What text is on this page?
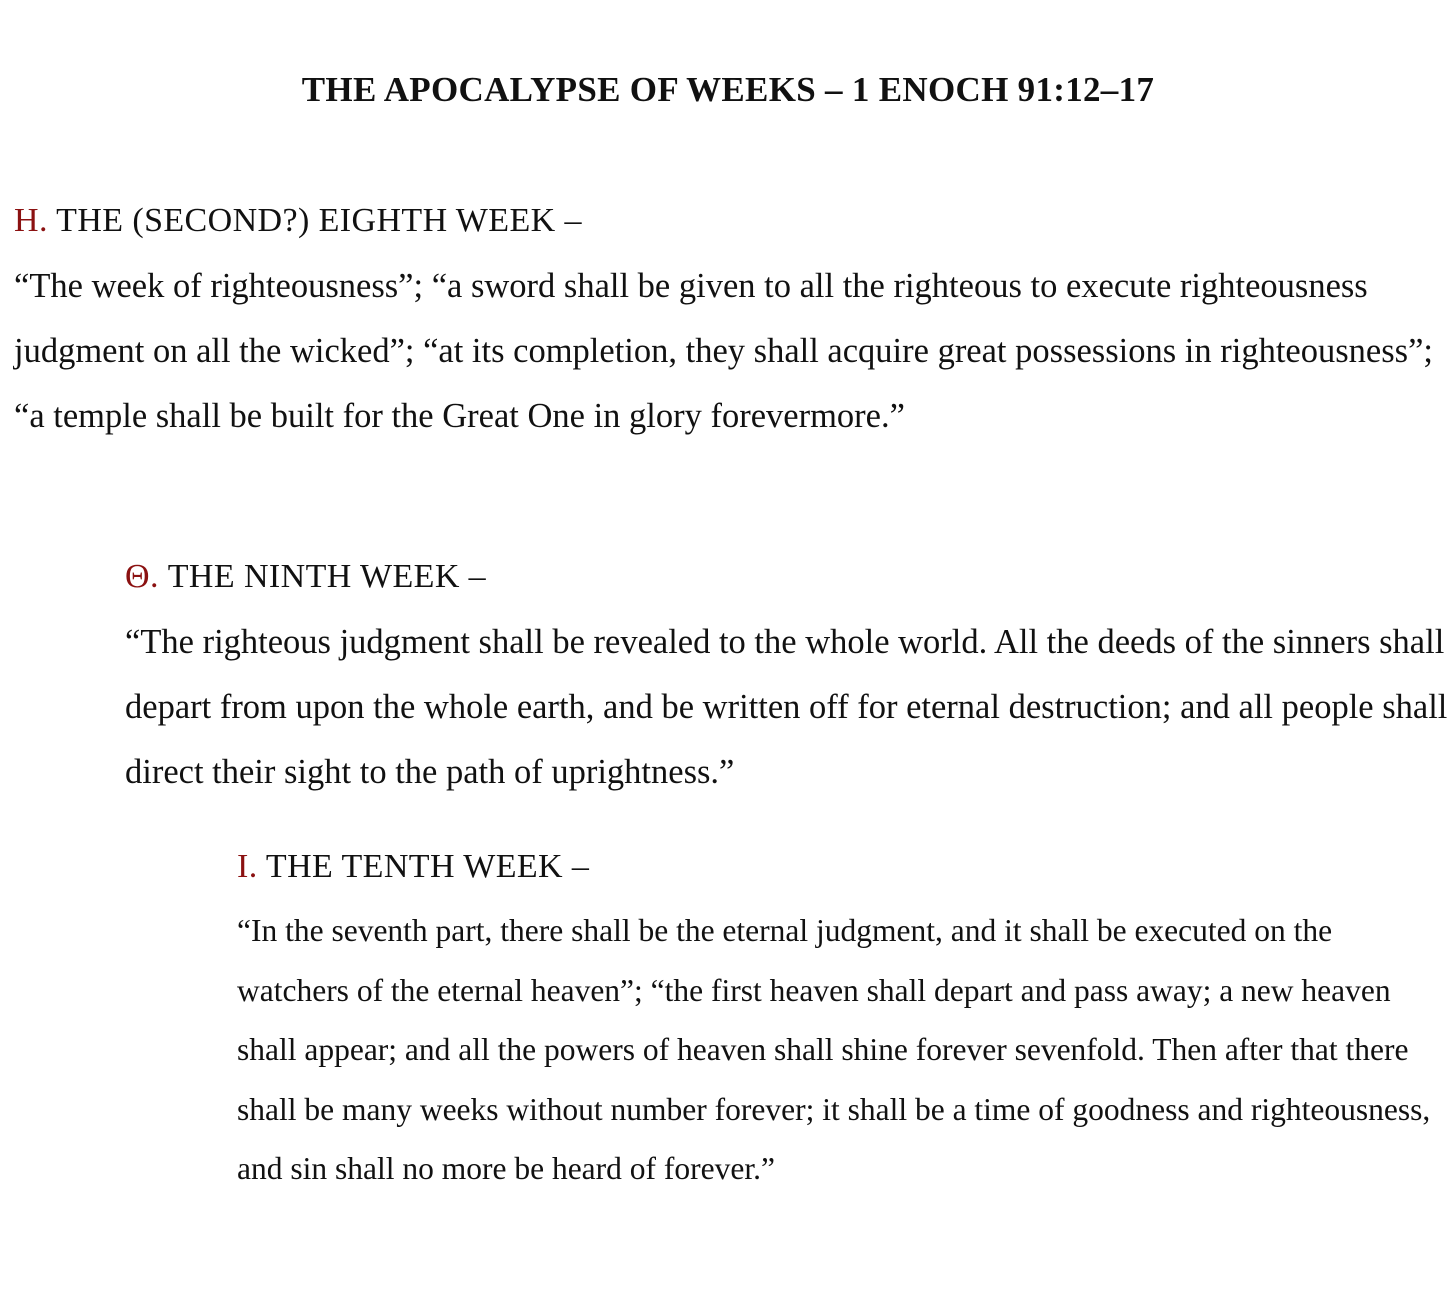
THE APOCALYPSE OF WEEKS – 1 ENOCH 91:12–17
H. THE (SECOND?) EIGHTH WEEK –

“The week of righteousness”; “a sword shall be given to all the righteous to execute righteousness judgment on all the wicked”; “at its completion, they shall acquire great possessions in righteousness”; “a temple shall be built for the Great One in glory forevermore.”

Θ. THE NINTH WEEK –

“The righteous judgment shall be revealed to the whole world. All the deeds of the sinners shall depart from upon the whole earth, and be written off for eternal destruction; and all people shall direct their sight to the path of uprightness.”

I. THE TENTH WEEK –

“In the seventh part, there shall be the eternal judgment, and it shall be executed on the watchers of the eternal heaven”; “the first heaven shall depart and pass away; a new heaven shall appear; and all the powers of heaven shall shine forever sevenfold. Then after that there shall be many weeks without number forever; it shall be a time of goodness and righteousness, and sin shall no more be heard of forever.”
